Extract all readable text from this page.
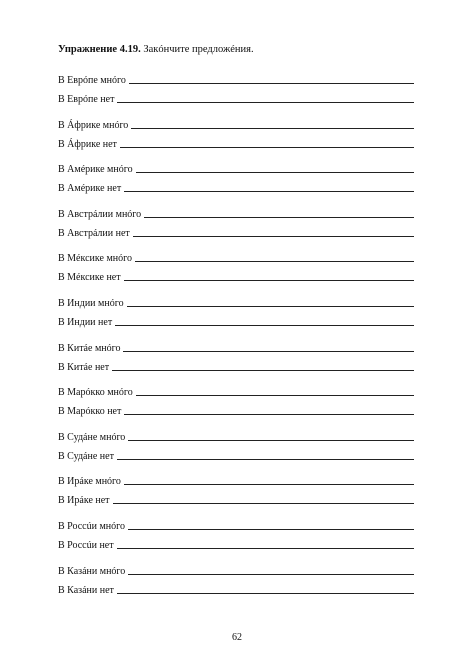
Упражнение 4.19. Закóнчите предложéния.
В Еврóпе мнóго
В Еврóпе нет
В Áфрике мнóго
В Áфрике нет
В Амéрике мнóго
В Амéрике нет
В Австрáлии мнóго
В Австрáлии нет
В Мéксике мнóго
В Мéксике нет
В Индии мнóго
В Индии нет
В Китáе мнóго
В Китáе нет
В Марóкко мнóго
В Марóкко нет
В Судáне мнóго
В Судáне нет
В Ирáке мнóго
В Ирáке нет
В Россúи мнóго
В Россúи нет
В Казáни мнóго
В Казáни нет
62
